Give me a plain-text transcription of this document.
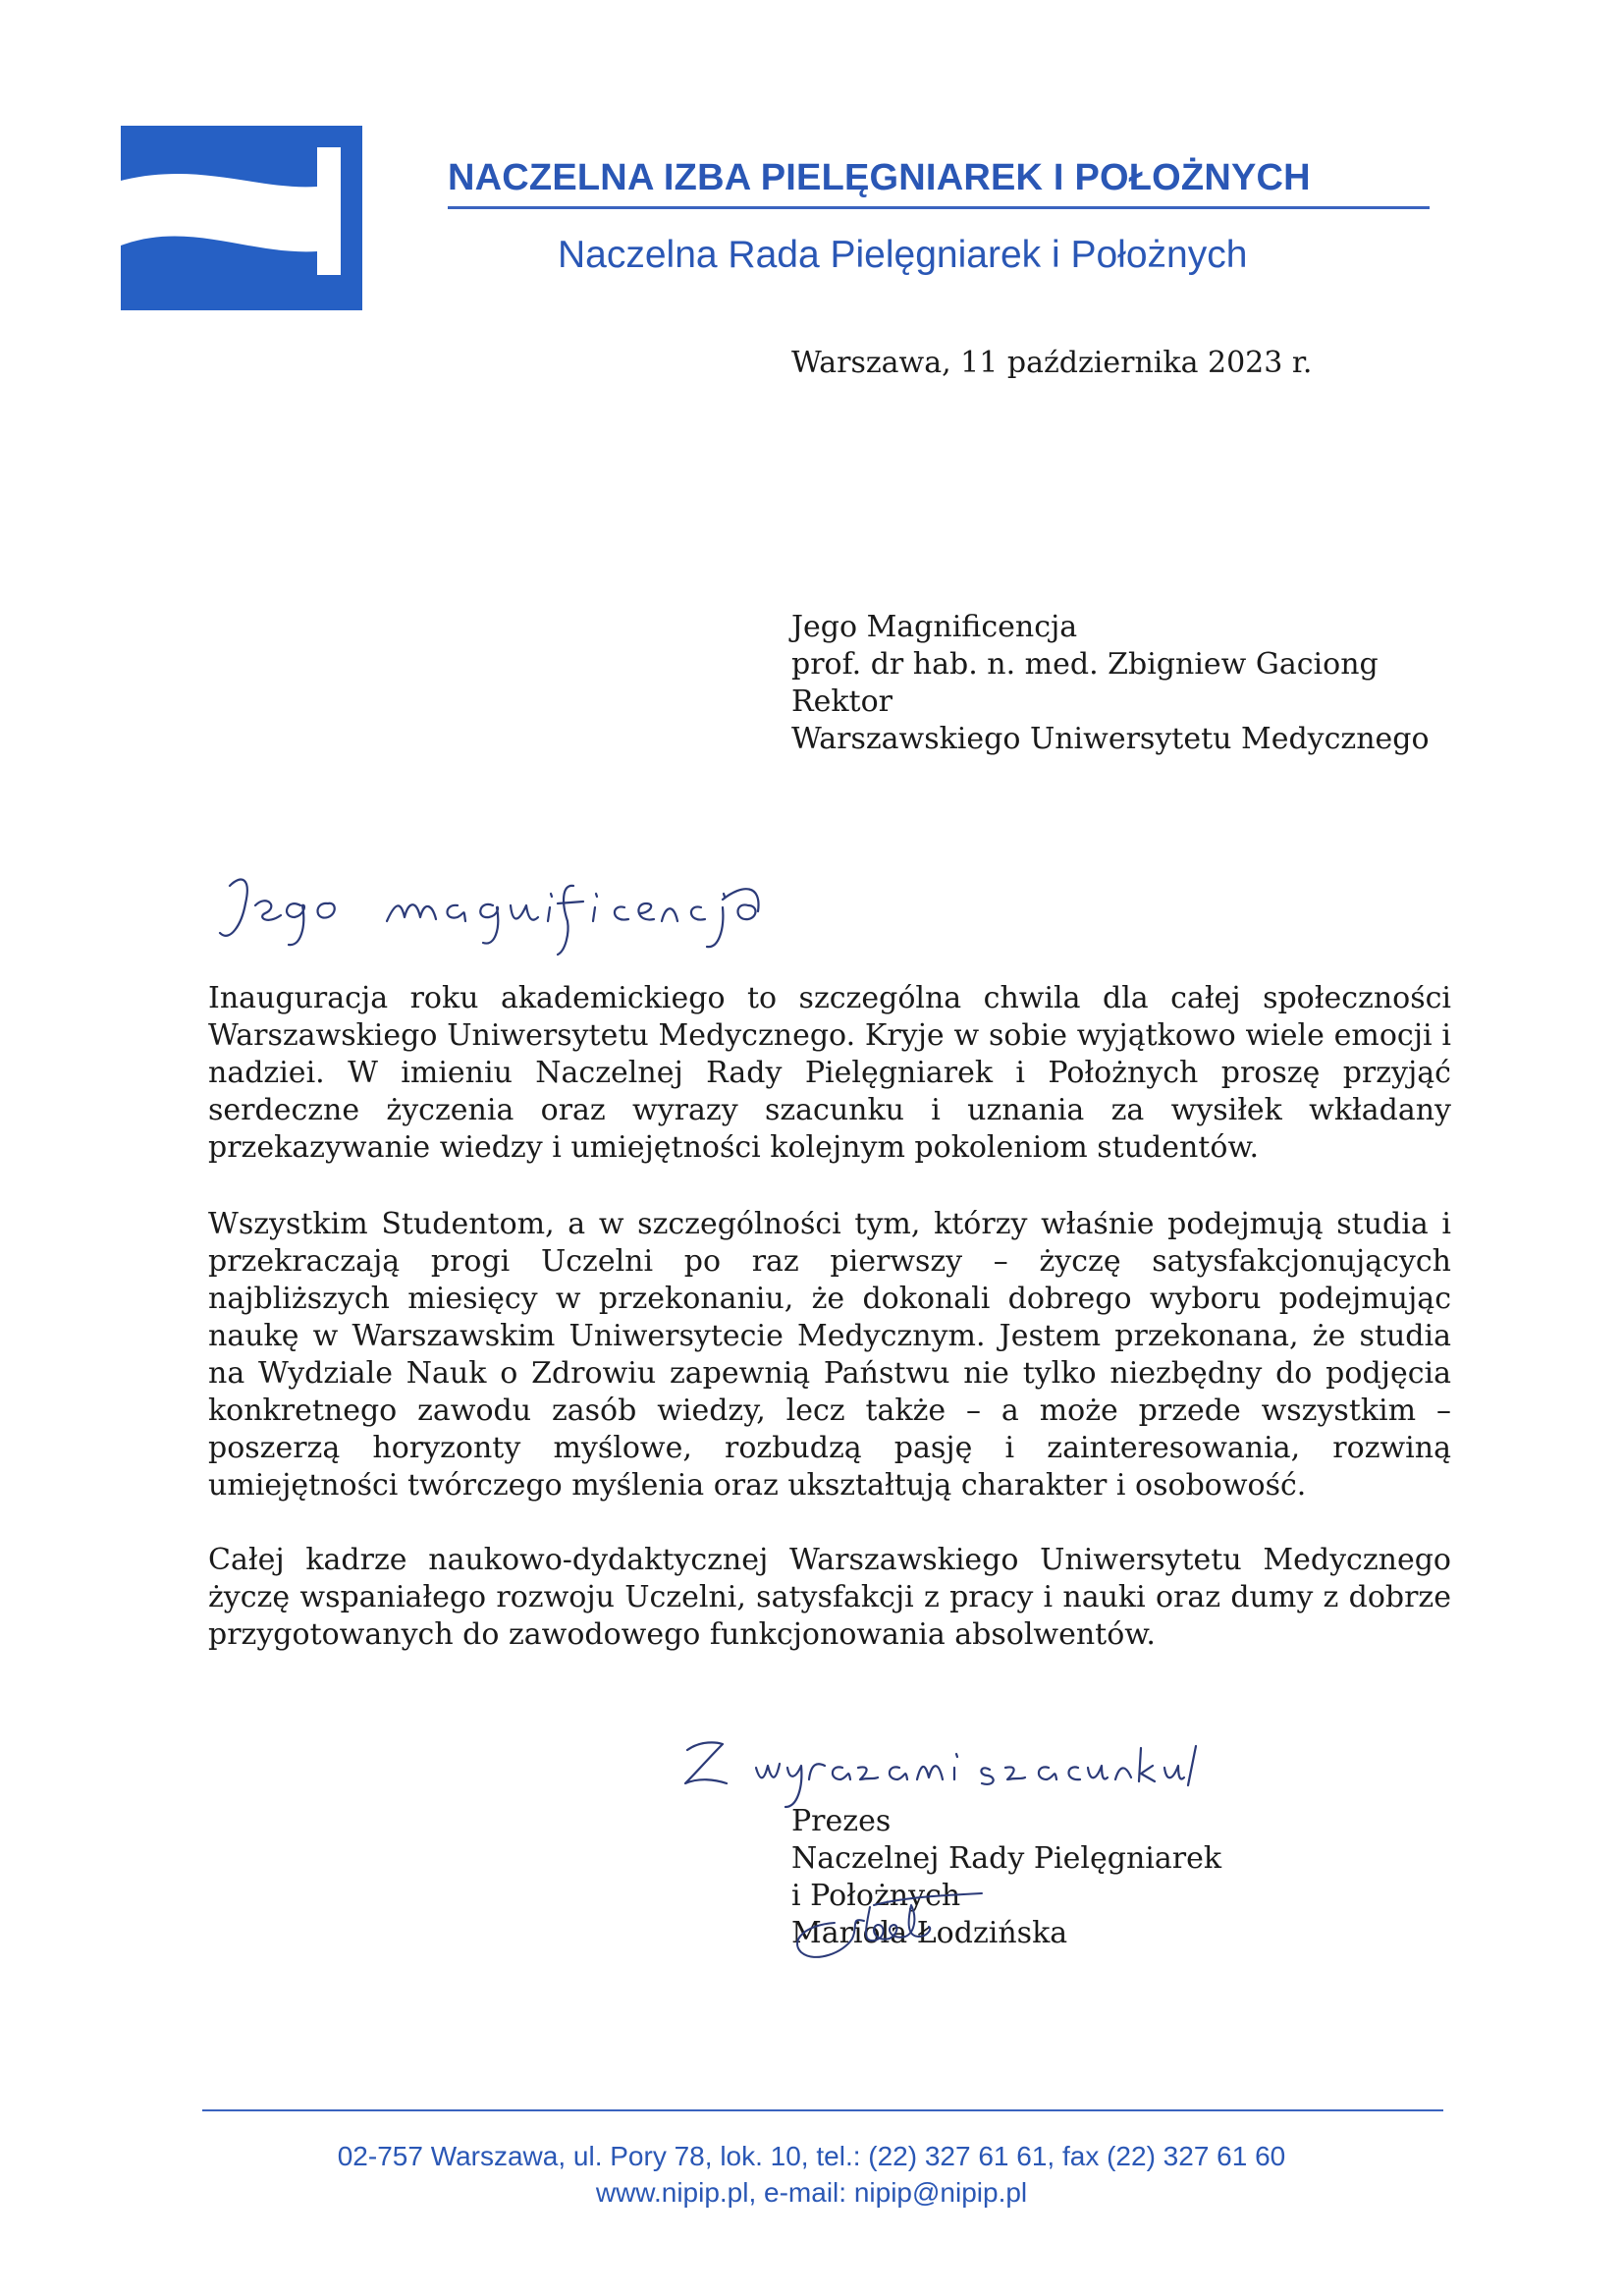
NACZELNA IZBA PIELĘGNIAREK I POŁOŻNYCH
Naczelna Rada Pielęgniarek i Położnych
Warszawa, 11 października 2023 r.
Jego Magnificencja
prof. dr hab. n. med. Zbigniew Gaciong
Rektor
Warszawskiego Uniwersytetu Medycznego

Inauguracja roku akademickiego to szczególna chwila dla całej społeczności Warszawskiego Uniwersytetu Medycznego. Kryje w sobie wyjątkowo wiele emocji i nadziei. W imieniu Naczelnej Rady Pielęgniarek i Położnych proszę przyjąć serdeczne życzenia oraz wyrazy szacunku i uznania za wysiłek wkładany przekazywanie wiedzy i umiejętności kolejnym pokoleniom studentów.

Wszystkim Studentom, a w szczególności tym, którzy właśnie podejmują studia i przekraczają progi Uczelni po raz pierwszy – życzę satysfakcjonujących najbliższych miesięcy w przekonaniu, że dokonali dobrego wyboru podejmując naukę w Warszawskim Uniwersytecie Medycznym. Jestem przekonana, że studia na Wydziale Nauk o Zdrowiu zapewnią Państwu nie tylko niezbędny do podjęcia konkretnego zawodu zasób wiedzy, lecz także – a może przede wszystkim – poszerzą horyzonty myślowe, rozbudzą pasję i zainteresowania, rozwiną umiejętności twórczego myślenia oraz ukształtują charakter i osobowość.

Całej kadrze naukowo-dydaktycznej Warszawskiego Uniwersytetu Medycznego życzę wspaniałego rozwoju Uczelni, satysfakcji z pracy i nauki oraz dumy z dobrze przygotowanych do zawodowego funkcjonowania absolwentów.

Prezes
Naczelnej Rady Pielęgniarek
i Położnych
Mariola Łodzińska
02-757 Warszawa, ul. Pory 78, lok. 10, tel.: (22) 327 61 61, fax (22) 327 61 60
www.nipip.pl, e-mail: nipip@nipip.pl
